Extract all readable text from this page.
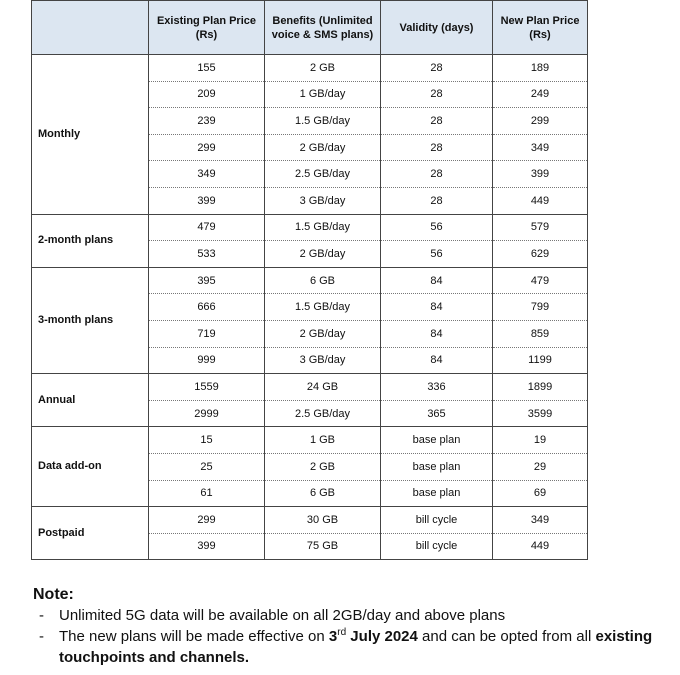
	Existing Plan Price (Rs)	Benefits (Unlimited voice & SMS plans)	Validity (days)	New Plan Price (Rs)
Monthly	155	2 GB	28	189
	209	1 GB/day	28	249
	239	1.5 GB/day	28	299
	299	2 GB/day	28	349
	349	2.5 GB/day	28	399
	399	3 GB/day	28	449
2-month plans	479	1.5 GB/day	56	579
	533	2 GB/day	56	629
3-month plans	395	6 GB	84	479
	666	1.5 GB/day	84	799
	719	2 GB/day	84	859
	999	3 GB/day	84	1199
Annual	1559	24 GB	336	1899
	2999	2.5 GB/day	365	3599
Data add-on	15	1 GB	base plan	19
	25	2 GB	base plan	29
	61	6 GB	base plan	69
Postpaid	299	30 GB	bill cycle	349
	399	75 GB	bill cycle	449
Note:
- Unlimited 5G data will be available on all 2GB/day and above plans
- The new plans will be made effective on 3rd July 2024 and can be opted from all existing touchpoints and channels.
